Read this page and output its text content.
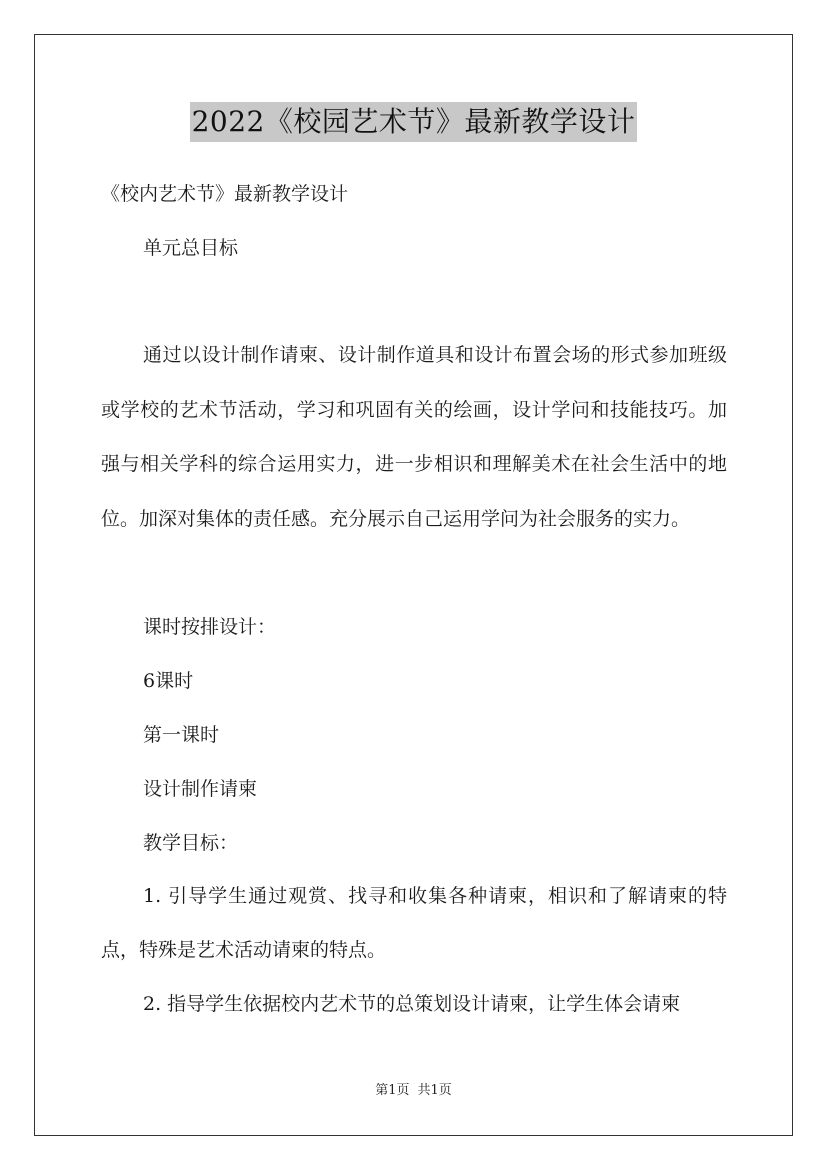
2022《校园艺术节》最新教学设计
《校内艺术节》最新教学设计
单元总目标
通过以设计制作请柬、设计制作道具和设计布置会场的形式参加班级或学校的艺术节活动，学习和巩固有关的绘画，设计学问和技能技巧。加强与相关学科的综合运用实力，进一步相识和理解美术在社会生活中的地位。加深对集体的责任感。充分展示自己运用学问为社会服务的实力。
课时按排设计：
6课时
第一课时
设计制作请柬
教学目标：
1. 引导学生通过观赏、找寻和收集各种请柬，相识和了解请柬的特点，特殊是艺术活动请柬的特点。
2. 指导学生依据校内艺术节的总策划设计请柬，让学生体会请柬
第1页 共1页
